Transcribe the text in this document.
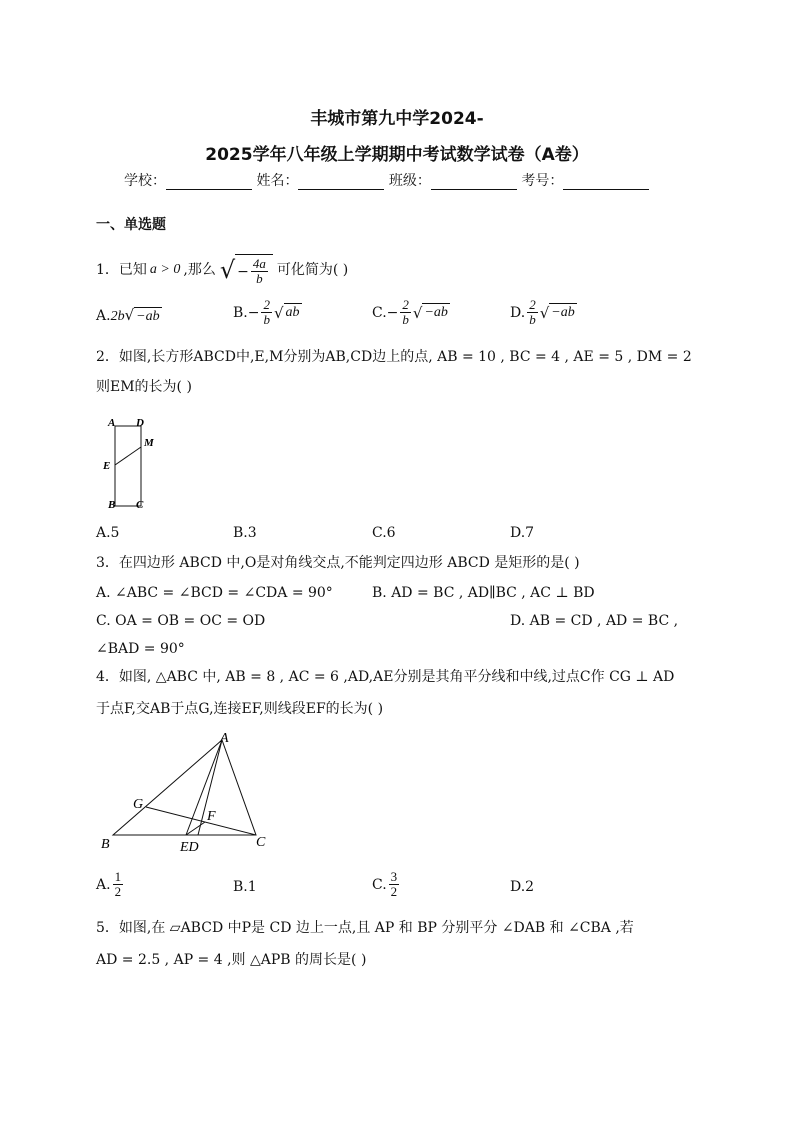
丰城市第九中学2024-
2025学年八年级上学期期中考试数学试卷（A卷）
学校：	姓名：	班级：	考号：
一、单选题
1．已知 a > 0 ,那么 √ − $\frac{4a}{b}$ 可化简为( )
A.2b√ −ab	B. − $\frac{2}{b}$ √ ab	C. − $\frac{2}{b}$ √ −ab	D. $\frac{2}{b}$ √ −ab
2．如图,长方形ABCD中,E,M分别为AB,CD边上的点, AB = 10 , BC = 4 , AE = 5 , DM = 2
则EM的长为( )
A D
M
E
B C
A.5	B.3	C.6	D.7
3．在四边形 ABCD 中,O是对角线交点,不能判定四边形 ABCD 是矩形的是( )
A. ∠ABC = ∠BCD = ∠CDA = 90°	B. AD = BC , AD∥BC , AC ⊥ BD
C. OA = OB = OC = OD	D. AB = CD , AD = BC ,
∠BAD = 90°
4．如图, △ABC 中, AB = 8 , AC = 6 ,AD,AE分别是其角平分线和中线,过点C作 CG ⊥ AD
于点F,交AB于点G,连接EF,则线段EF的长为( )
A
G
F
B	ED	C
A. $\frac{1}{2}$	B.1	C. $\frac{3}{2}$	D.2
5．如图,在 ▱ABCD 中P是 CD 边上一点,且 AP 和 BP 分别平分 ∠DAB 和 ∠CBA ,若
AD = 2.5 , AP = 4 ,则 △APB 的周长是( )
